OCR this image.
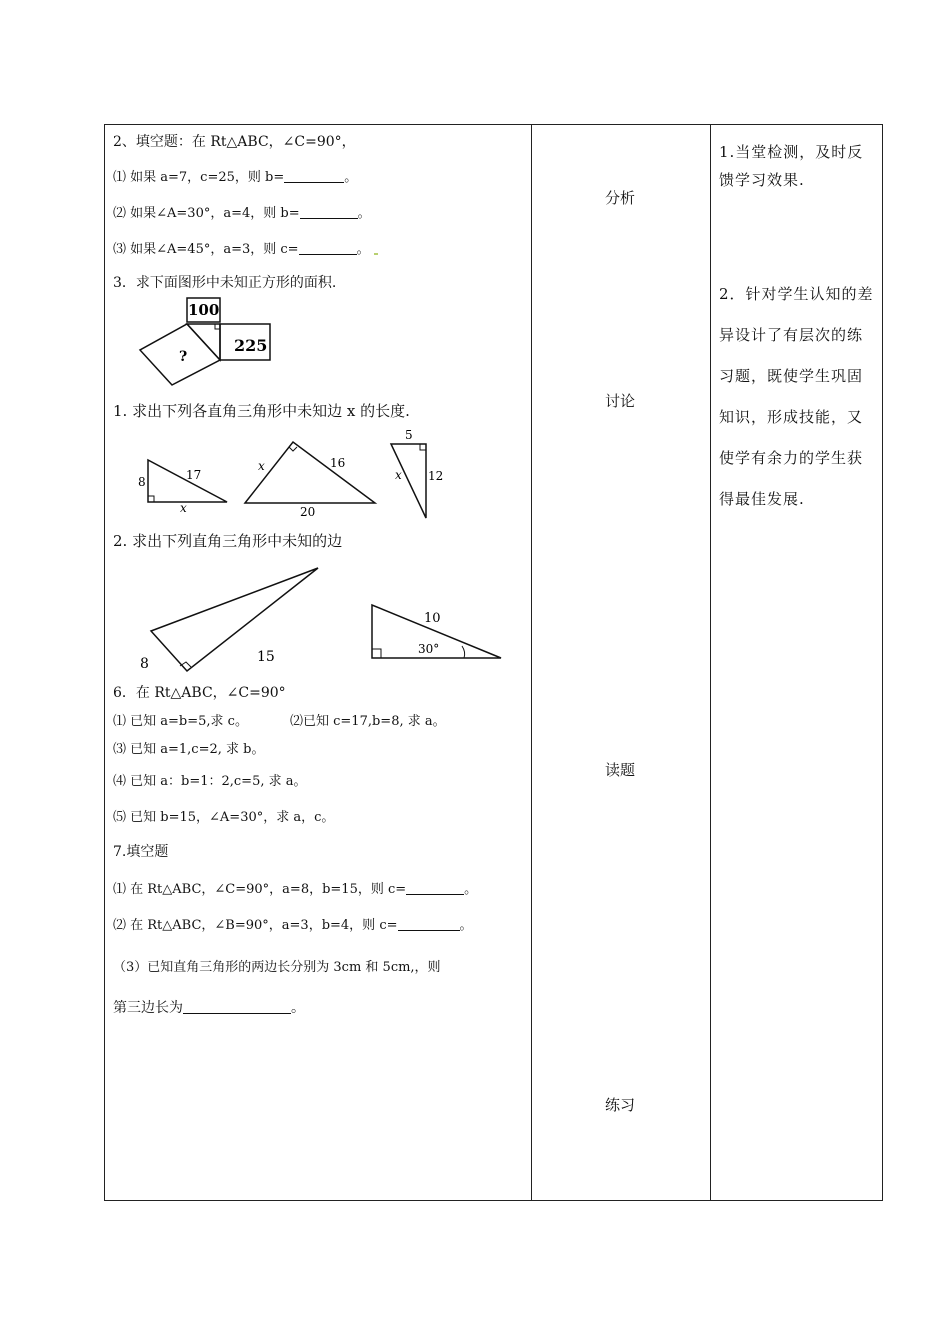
2、填空题：在 Rt△ABC，∠C=90°，
⑴ 如果 a=7，c=25，则 b=	。
⑵ 如果∠A=30°，a=4，则 b=	。
⑶ 如果∠A=45°，a=3，则 c=	。
3．求下面图形中未知正方形的面积.
100
225
?
1. 求出下列各直角三角形中未知边 x 的长度.
8	17
x
x	16
20
5
x 12
2. 求出下列直角三角形中未知的边
8	15
10
30°
6．在 Rt△ABC，∠C=90°
⑴ 已知 a=b=5,求 c。	⑵已知 c=17,b=8, 求 a。
⑶ 已知 a=1,c=2, 求 b。
⑷ 已知 a：b=1：2,c=5, 求 a。
⑸ 已知 b=15，∠A=30°，求 a，c。
7.填空题
⑴ 在 Rt△ABC，∠C=90°，a=8，b=15，则 c=	。
⑵ 在 Rt△ABC，∠B=90°，a=3，b=4，则 c=	。
（3）已知直角三角形的两边长分别为 3cm 和 5cm,，则
第三边长为	。
分析
讨论
读题
练习
1.当堂检测，及时反馈学习效果.
2．针对学生认知的差异设计了有层次的练习题，既使学生巩固知识，形成技能，又使学有余力的学生获得最佳发展.
